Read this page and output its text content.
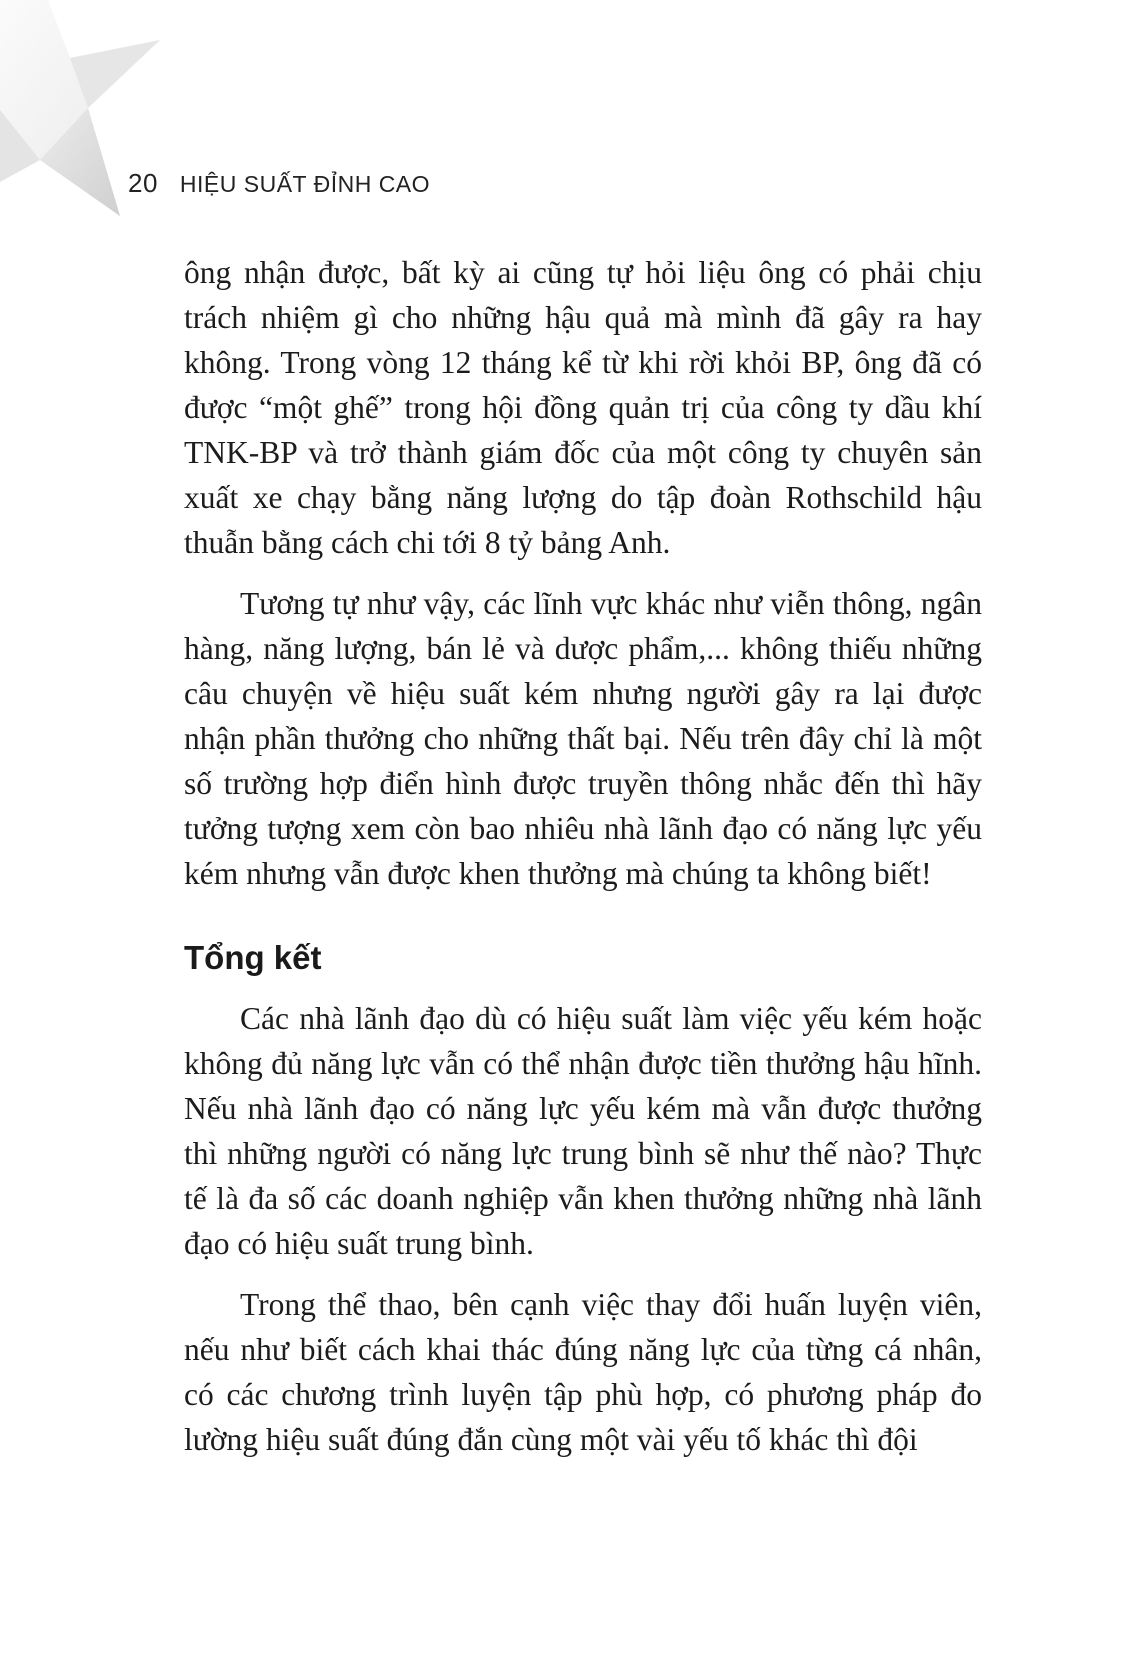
20 HIỆU SUẤT ĐỈNH CAO

ông nhận được, bất kỳ ai cũng tự hỏi liệu ông có phải chịu trách nhiệm gì cho những hậu quả mà mình đã gây ra hay không. Trong vòng 12 tháng kể từ khi rời khỏi BP, ông đã có được “một ghế” trong hội đồng quản trị của công ty dầu khí TNK-BP và trở thành giám đốc của một công ty chuyên sản xuất xe chạy bằng năng lượng do tập đoàn Rothschild hậu thuẫn bằng cách chi tới 8 tỷ bảng Anh.

Tương tự như vậy, các lĩnh vực khác như viễn thông, ngân hàng, năng lượng, bán lẻ và dược phẩm,... không thiếu những câu chuyện về hiệu suất kém nhưng người gây ra lại được nhận phần thưởng cho những thất bại. Nếu trên đây chỉ là một số trường hợp điển hình được truyền thông nhắc đến thì hãy tưởng tượng xem còn bao nhiêu nhà lãnh đạo có năng lực yếu kém nhưng vẫn được khen thưởng mà chúng ta không biết!

Tổng kết

Các nhà lãnh đạo dù có hiệu suất làm việc yếu kém hoặc không đủ năng lực vẫn có thể nhận được tiền thưởng hậu hĩnh. Nếu nhà lãnh đạo có năng lực yếu kém mà vẫn được thưởng thì những người có năng lực trung bình sẽ như thế nào? Thực tế là đa số các doanh nghiệp vẫn khen thưởng những nhà lãnh đạo có hiệu suất trung bình.

Trong thể thao, bên cạnh việc thay đổi huấn luyện viên, nếu như biết cách khai thác đúng năng lực của từng cá nhân, có các chương trình luyện tập phù hợp, có phương pháp đo lường hiệu suất đúng đắn cùng một vài yếu tố khác thì đội
